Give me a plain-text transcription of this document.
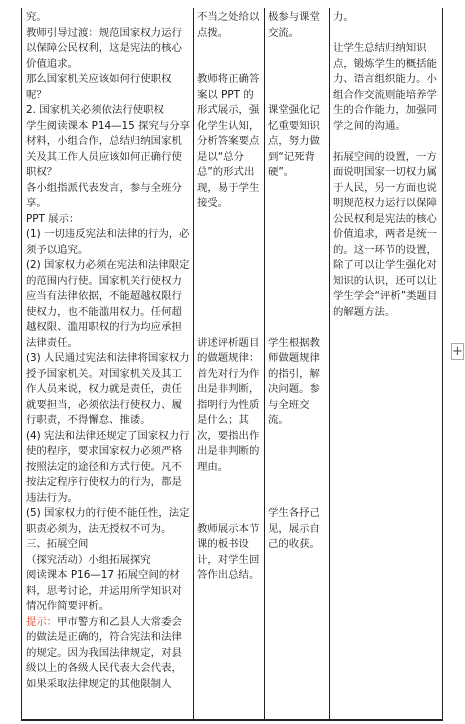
究。
教师引导过渡：规范国家权力运行以保障公民权利，这是宪法的核心价值追求。
那么国家机关应该如何行使职权呢？
2. 国家机关必须依法行使职权
学生阅读课本 P14—15 探究与分享材料，小组合作，总结归纳国家机关及其工作人员应该如何正确行使职权？
各小组指派代表发言，参与全班分享。
PPT 展示：
(1) 一切违反宪法和法律的行为，必须予以追究。
(2) 国家权力必须在宪法和法律限定的范围内行使。国家机关行使权力应当有法律依据，不能超越权限行使权力，也不能滥用权力。任何超越权限、滥用职权的行为均应承担法律责任。
(3) 人民通过宪法和法律将国家权力授予国家机关。对国家机关及其工作人员来说，权力就是责任，责任就要担当，必须依法行使权力、履行职责，不得懈怠、推诿。
(4) 宪法和法律还规定了国家权力行使的程序，要求国家权力必须严格按照法定的途径和方式行使。凡不按法定程序行使权力的行为，都是违法行为。
(5) 国家权力的行使不能任性，法定职责必须为，法无授权不可为。
三、拓展空间
（探究活动）小组拓展探究
阅读课本 P16—17 拓展空间的材料，思考讨论，并运用所学知识对情况作简要评析。
提示：甲市警方和乙县人大常委会的做法是正确的，符合宪法和法律的规定。因为我国法律规定，对县级以上的各级人民代表大会代表，如果采取法律规定的其他限制人
不当之处给以点拨。

教师将正确答案以 PPT 的形式展示，强化学生认知，分析答案要点是以“总分总”的形式出现，易于学生接受。

讲述评析题目的做题规律：首先对行为作出是非判断，指明行为性质是什么；其次，要指出作出是非判断的理由。

教师展示本节课的板书设计，对学生回答作出总结。
极参与课堂交流。

课堂强化记忆重要知识点，努力做到“记死背硬”。

学生根据教师做题规律的指引，解决问题。参与全班交流。

学生各抒己见，展示自己的收获。
力。

让学生总结归纳知识点，锻炼学生的概括能力、语言组织能力。小组合作交流则能培养学生的合作能力，加强同学之间的沟通。

拓展空间的设置，一方面说明国家一切权力属于人民，另一方面也说明规范权力运行以保障公民权利是宪法的核心价值追求，两者是统一的。这一环节的设置，除了可以让学生强化对知识的认识，还可以让学生学会“评析”类题目的解题方法。
+
